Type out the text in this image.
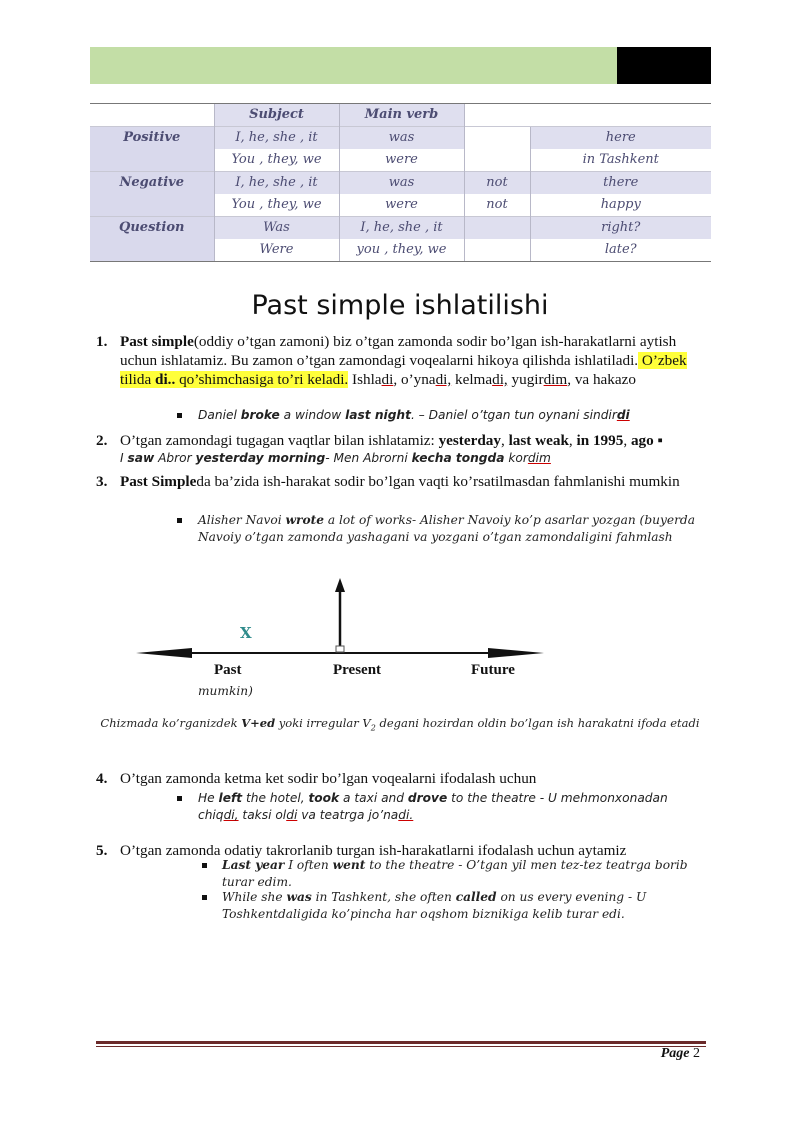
	Subject	Main verb		
Positive	I, he, she , it	was		here
	You , they, we	were		in Tashkent
Negative	I, he, she , it	was	not	there
	You , they, we	were	not	happy
Question	Was	I, he, she , it		right?
	Were	you , they, we		late?
Past simple ishlatilishi
1. Past simple(oddiy o’tgan zamoni) biz o’tgan zamonda sodir bo’lgan ish-harakatlarni aytish uchun ishlatamiz. Bu zamon o’tgan zamondagi voqealarni hikoya qilishda ishlatiladi. O’zbek tilida di.. qo’shimchasiga to’ri keladi. Ishladi, o’ynadi, kelmadi, yugirdim, va hakazo
Daniel broke a window last night. – Daniel o’tgan tun oynani sindirdi
2. O’tgan zamondagi tugagan vaqtlar bilan ishlatamiz: yesterday, last weak, in 1995, ago ▪
I saw Abror yesterday morning- Men Abrorni kecha tongda kordim
3. Past Simpleda ba’zida ish-harakat sodir bo’lgan vaqti ko’rsatilmasdan fahmlanishi mumkin
Alisher Navoi wrote a lot of works- Alisher Navoiy ko’p asarlar yozgan (buyerda Navoiy o’tgan zamonda yashagani va yozgani o’tgan zamondaligini fahmlash
X
Past	Present	Future
mumkin)
Chizmada ko’rganizdek V+ed yoki irregular $V_2$ degani hozirdan oldin bo’lgan ish harakatni ifoda etadi
4. O’tgan zamonda ketma ket sodir bo’lgan voqealarni ifodalash uchun
He left the hotel, took a taxi and drove to the theatre - U mehmonxonadan chiqdi, taksi oldi va teatrga jo’nadi.
5. O’tgan zamonda odatiy takrorlanib turgan ish-harakatlarni ifodalash uchun aytamiz
Last year I often went to the theatre - O’tgan yil men tez-tez teatrga borib turar edim.
While she was in Tashkent, she often called on us every evening - U Toshkentdaligida ko’pincha har oqshom biznikiga kelib turar edi.
Page 2
